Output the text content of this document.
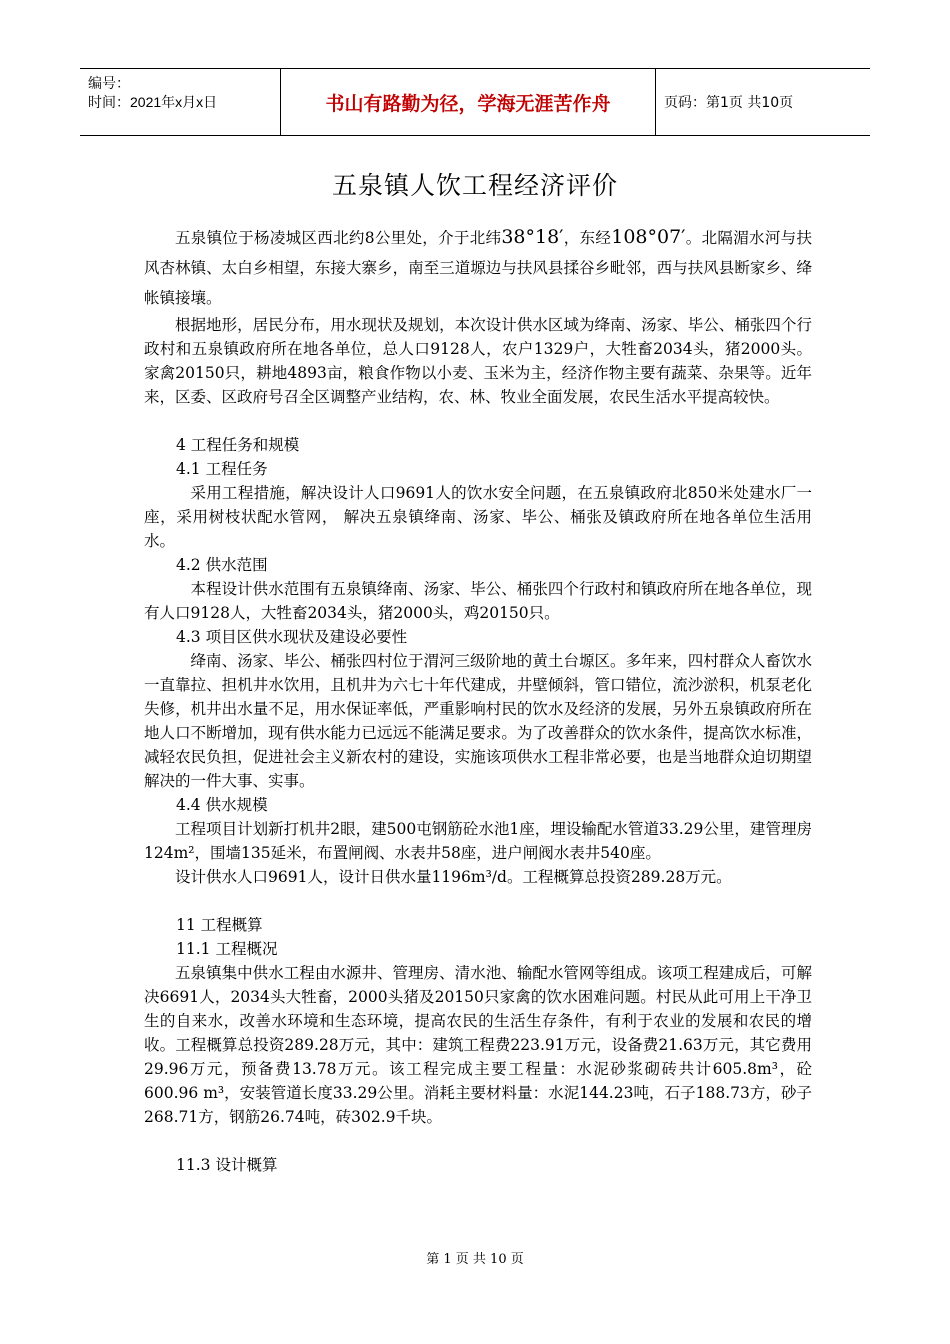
编号：
时间：2021年x月x日	书山有路勤为径，学海无涯苦作舟	页码：第1页 共10页
五泉镇人饮工程经济评价

五泉镇位于杨凌城区西北约8公里处，介于北纬38°18′，东经108°07′。北隔湄水河与扶风杏林镇、太白乡相望，东接大寨乡，南至三道塬边与扶风县揉谷乡毗邻，西与扶风县断家乡、绛帐镇接壤。

根据地形，居民分布，用水现状及规划，本次设计供水区域为绛南、汤家、毕公、桶张四个行政村和五泉镇政府所在地各单位，总人口9128人，农户1329户，大牲畜2034头，猪2000头。家禽20150只，耕地4893亩，粮食作物以小麦、玉米为主，经济作物主要有蔬菜、杂果等。近年来，区委、区政府号召全区调整产业结构，农、林、牧业全面发展，农民生活水平提高较快。

4 工程任务和规模

4.1 工程任务

采用工程措施，解决设计人口9691人的饮水安全问题，在五泉镇政府北850米处建水厂一座，采用树枝状配水管网， 解决五泉镇绛南、汤家、毕公、桶张及镇政府所在地各单位生活用水。

4.2 供水范围

本程设计供水范围有五泉镇绛南、汤家、毕公、桶张四个行政村和镇政府所在地各单位，现有人口9128人，大牲畜2034头，猪2000头，鸡20150只。

4.3 项目区供水现状及建设必要性

绛南、汤家、毕公、桶张四村位于渭河三级阶地的黄土台塬区。多年来，四村群众人畜饮水一直靠拉、担机井水饮用，且机井为六七十年代建成，井壁倾斜，管口错位，流沙淤积，机泵老化失修，机井出水量不足，用水保证率低，严重影响村民的饮水及经济的发展，另外五泉镇政府所在地人口不断增加，现有供水能力已远远不能满足要求。为了改善群众的饮水条件，提高饮水标准，减轻农民负担，促进社会主义新农村的建设，实施该项供水工程非常必要，也是当地群众迫切期望解决的一件大事、实事。

4.4 供水规模

工程项目计划新打机井2眼，建500屯钢筋砼水池1座，埋设输配水管道33.29公里，建管理房124m²，围墙135延米，布置闸阀、水表井58座，进户闸阀水表井540座。

设计供水人口9691人，设计日供水量1196m³/d。工程概算总投资289.28万元。

11 工程概算

11.1 工程概况

五泉镇集中供水工程由水源井、管理房、清水池、输配水管网等组成。该项工程建成后，可解决6691人，2034头大牲畜，2000头猪及20150只家禽的饮水困难问题。村民从此可用上干净卫生的自来水，改善水环境和生态环境，提高农民的生活生存条件，有利于农业的发展和农民的增收。工程概算总投资289.28万元，其中：建筑工程费223.91万元，设备费21.63万元，其它费用29.96万元，预备费13.78万元。该工程完成主要工程量：水泥砂浆砌砖共计605.8m³，砼600.96 m³，安装管道长度33.29公里。消耗主要材料量：水泥144.23吨，石子188.73方，砂子268.71方，钢筋26.74吨，砖302.9千块。

11.3 设计概算

第 1 页 共 10 页
